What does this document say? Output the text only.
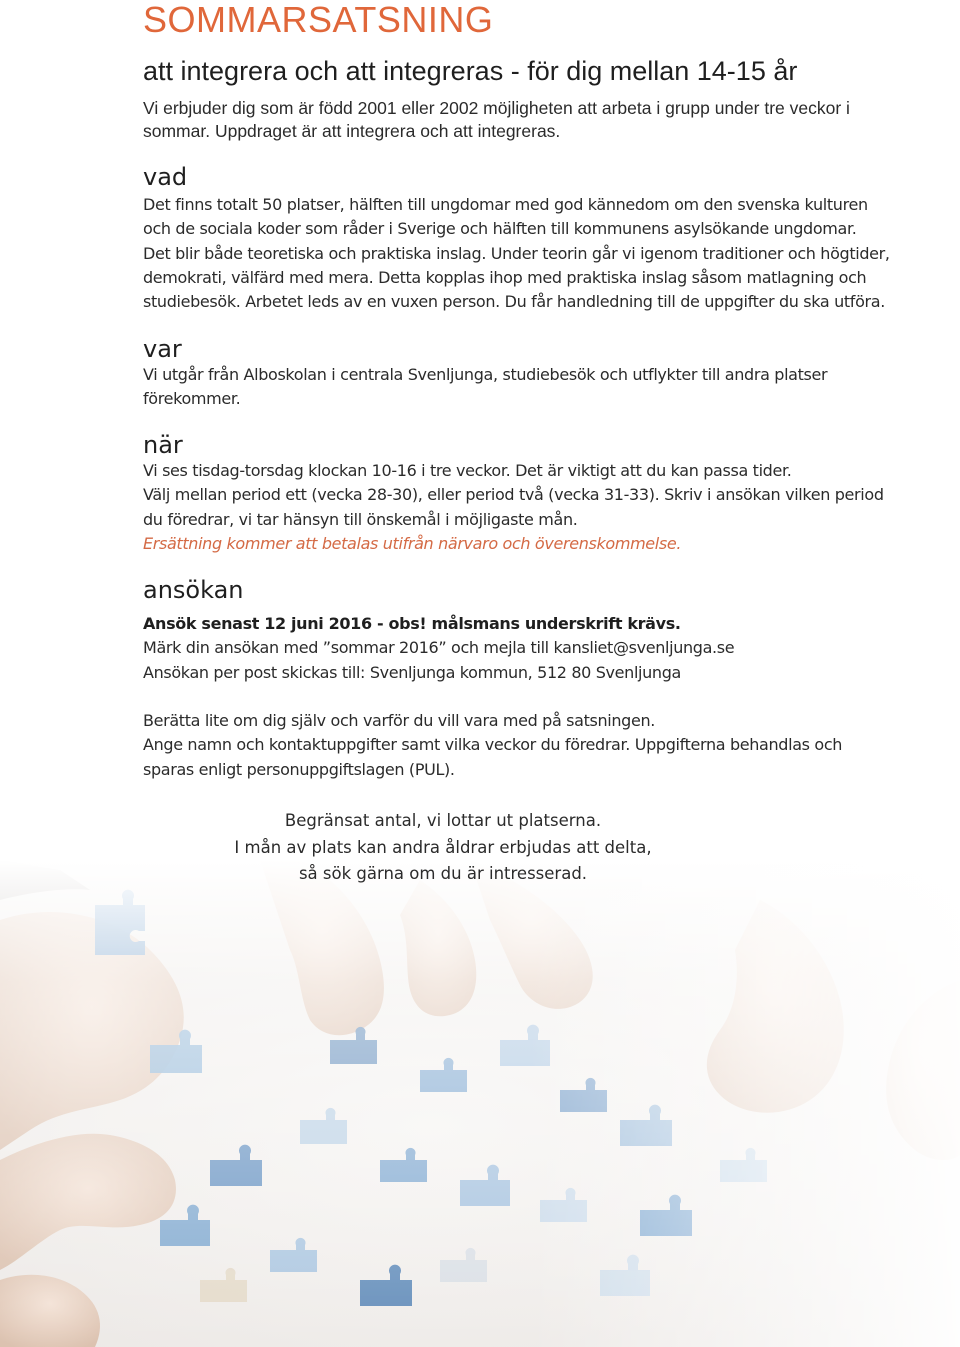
SOMMARSATSNING
att integrera och att integreras - för dig mellan 14-15 år

Vi erbjuder dig som är född 2001 eller 2002 möjligheten att arbeta i grupp under tre veckor i
sommar. Uppdraget är att integrera och att integreras.

vad

Det finns totalt 50 platser, hälften till ungdomar med god kännedom om den svenska kulturen
och de sociala koder som råder i Sverige och hälften till kommunens asylsökande ungdomar.
Det blir både teoretiska och praktiska inslag. Under teorin går vi igenom traditioner och högtider,
demokrati, välfärd med mera. Detta kopplas ihop med praktiska inslag såsom matlagning och
studiebesök. Arbetet leds av en vuxen person. Du får handledning till de uppgifter du ska utföra.

var

Vi utgår från Alboskolan i centrala Svenljunga, studiebesök och utflykter till andra platser
förekommer.

när

Vi ses tisdag-torsdag klockan 10-16 i tre veckor. Det är viktigt att du kan passa tider.
Välj mellan period ett (vecka 28-30), eller period två (vecka 31-33). Skriv i ansökan vilken period
du föredrar, vi tar hänsyn till önskemål i möjligaste mån.
Ersättning kommer att betalas utifrån närvaro och överenskommelse.

ansökan

Ansök senast 12 juni 2016 - obs! målsmans underskrift krävs.
Märk din ansökan med ”sommar 2016” och mejla till kansliet@svenljunga.se
Ansökan per post skickas till: Svenljunga kommun, 512 80 Svenljunga

Berätta lite om dig själv och varför du vill vara med på satsningen.
Ange namn och kontaktuppgifter samt vilka veckor du föredrar. Uppgifterna behandlas och
sparas enligt personuppgiftslagen (PUL).

Begränsat antal, vi lottar ut platserna.
I mån av plats kan andra åldrar erbjudas att delta,
så sök gärna om du är intresserad.
